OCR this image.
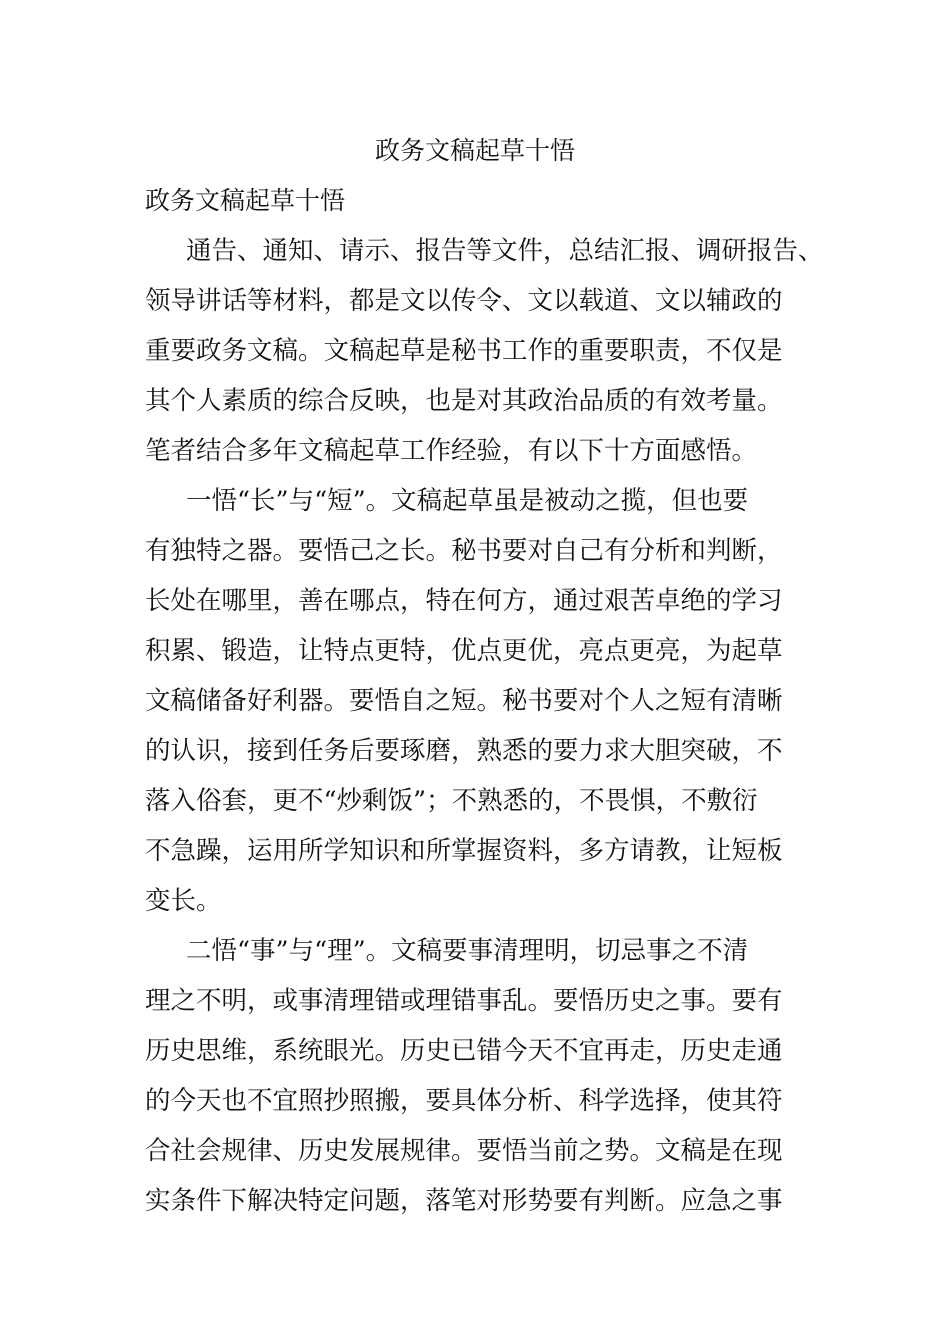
政务文稿起草十悟
政务文稿起草十悟

通告、通知、请示、报告等文件，总结汇报、调研报告、

领导讲话等材料，都是文以传令、文以载道、文以辅政的

重要政务文稿。文稿起草是秘书工作的重要职责，不仅是

其个人素质的综合反映，也是对其政治品质的有效考量。

笔者结合多年文稿起草工作经验，有以下十方面感悟。

一悟“长”与“短”。文稿起草虽是被动之揽，但也要

有独特之器。要悟己之长。秘书要对自己有分析和判断，

长处在哪里，善在哪点，特在何方，通过艰苦卓绝的学习

积累、锻造，让特点更特，优点更优，亮点更亮，为起草

文稿储备好利器。要悟自之短。秘书要对个人之短有清晰

的认识，接到任务后要琢磨，熟悉的要力求大胆突破，不

落入俗套，更不“炒剩饭”；不熟悉的，不畏惧，不敷衍

不急躁，运用所学知识和所掌握资料，多方请教，让短板

变长。

二悟“事”与“理”。文稿要事清理明，切忌事之不清

理之不明，或事清理错或理错事乱。要悟历史之事。要有

历史思维，系统眼光。历史已错今天不宜再走，历史走通

的今天也不宜照抄照搬，要具体分析、科学选择，使其符

合社会规律、历史发展规律。要悟当前之势。文稿是在现

实条件下解决特定问题，落笔对形势要有判断。应急之事
